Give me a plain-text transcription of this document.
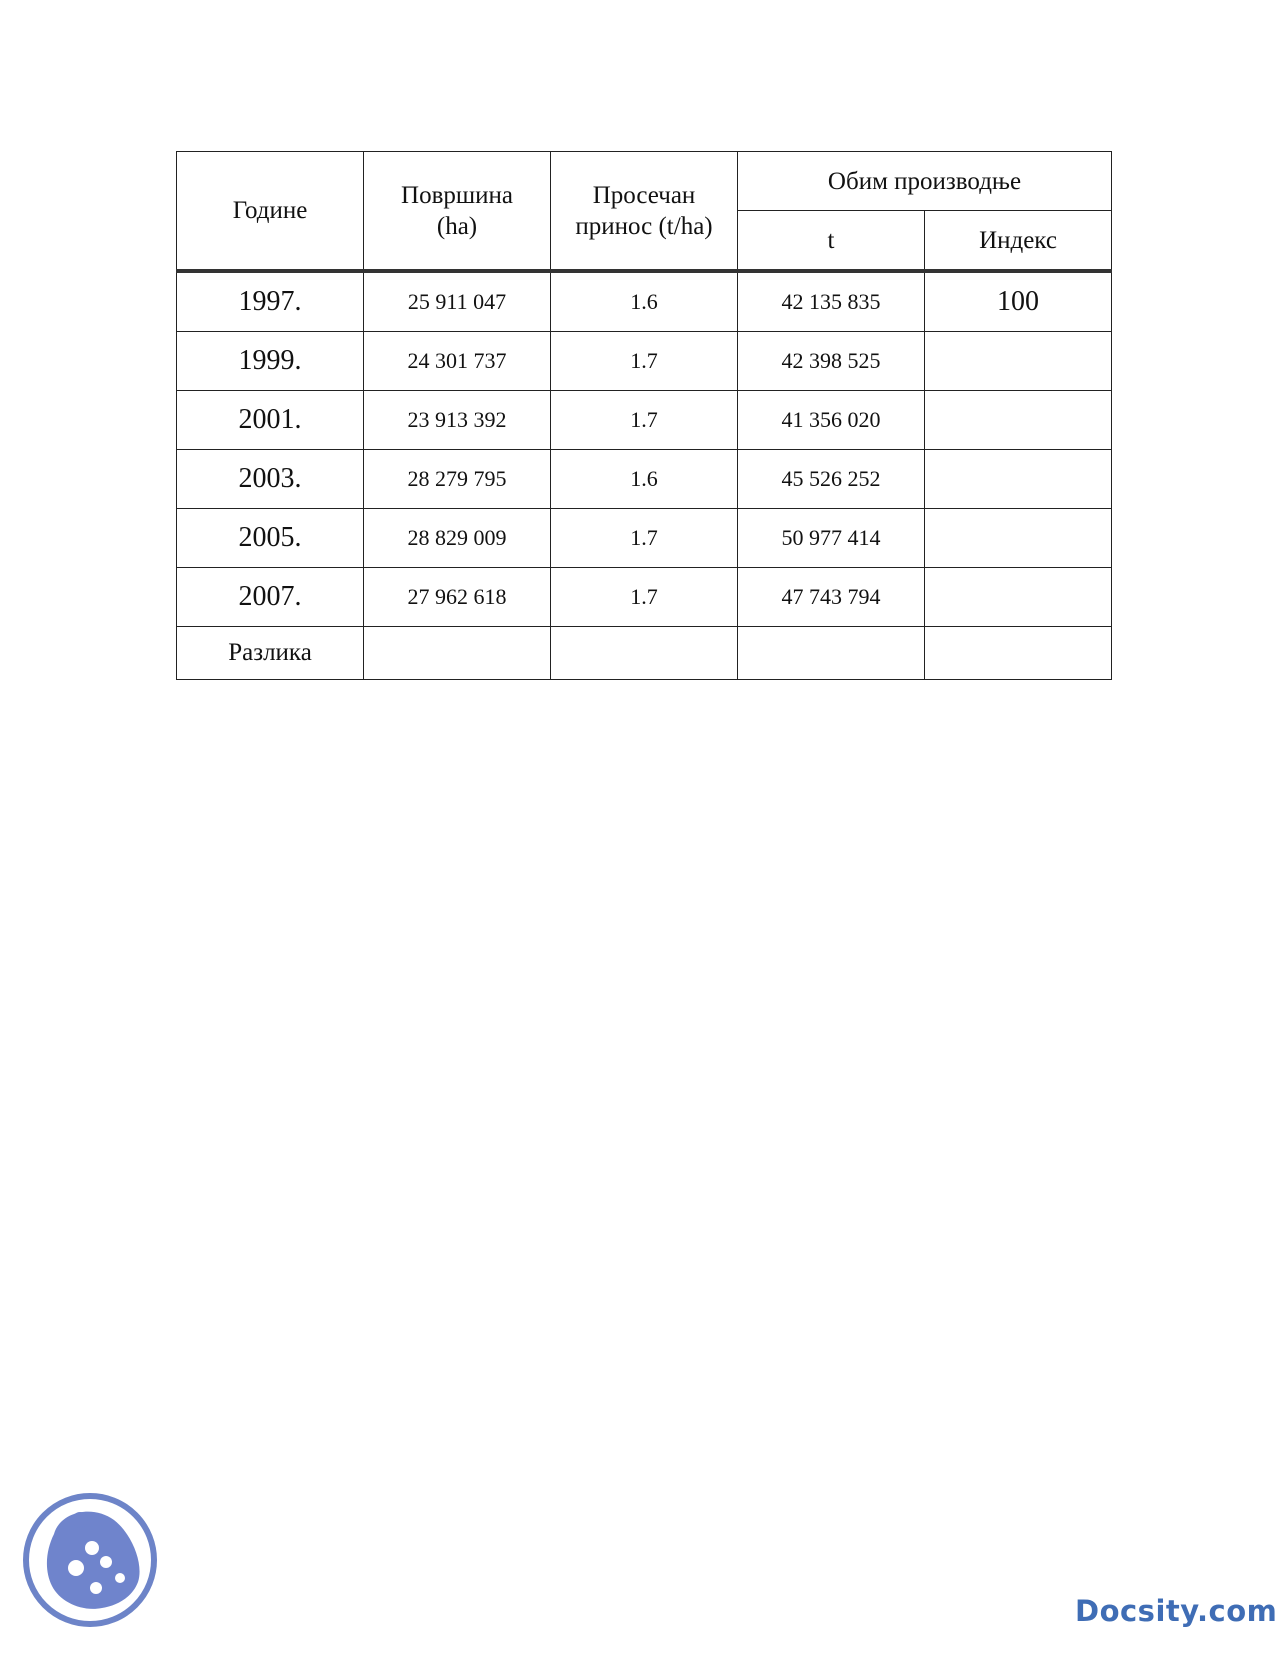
Године	Површина (ha)	Просечан принос (t/ha)	Обим производње	
			t	Индекс
1997.	25 911 047	1.6	42 135 835	100
1999.	24 301 737	1.7	42 398 525	
2001.	23 913 392	1.7	41 356 020	
2003.	28 279 795	1.6	45 526 252	
2005.	28 829 009	1.7	50 977 414	
2007.	27 962 618	1.7	47 743 794	
Разлика				
Docsity.com
